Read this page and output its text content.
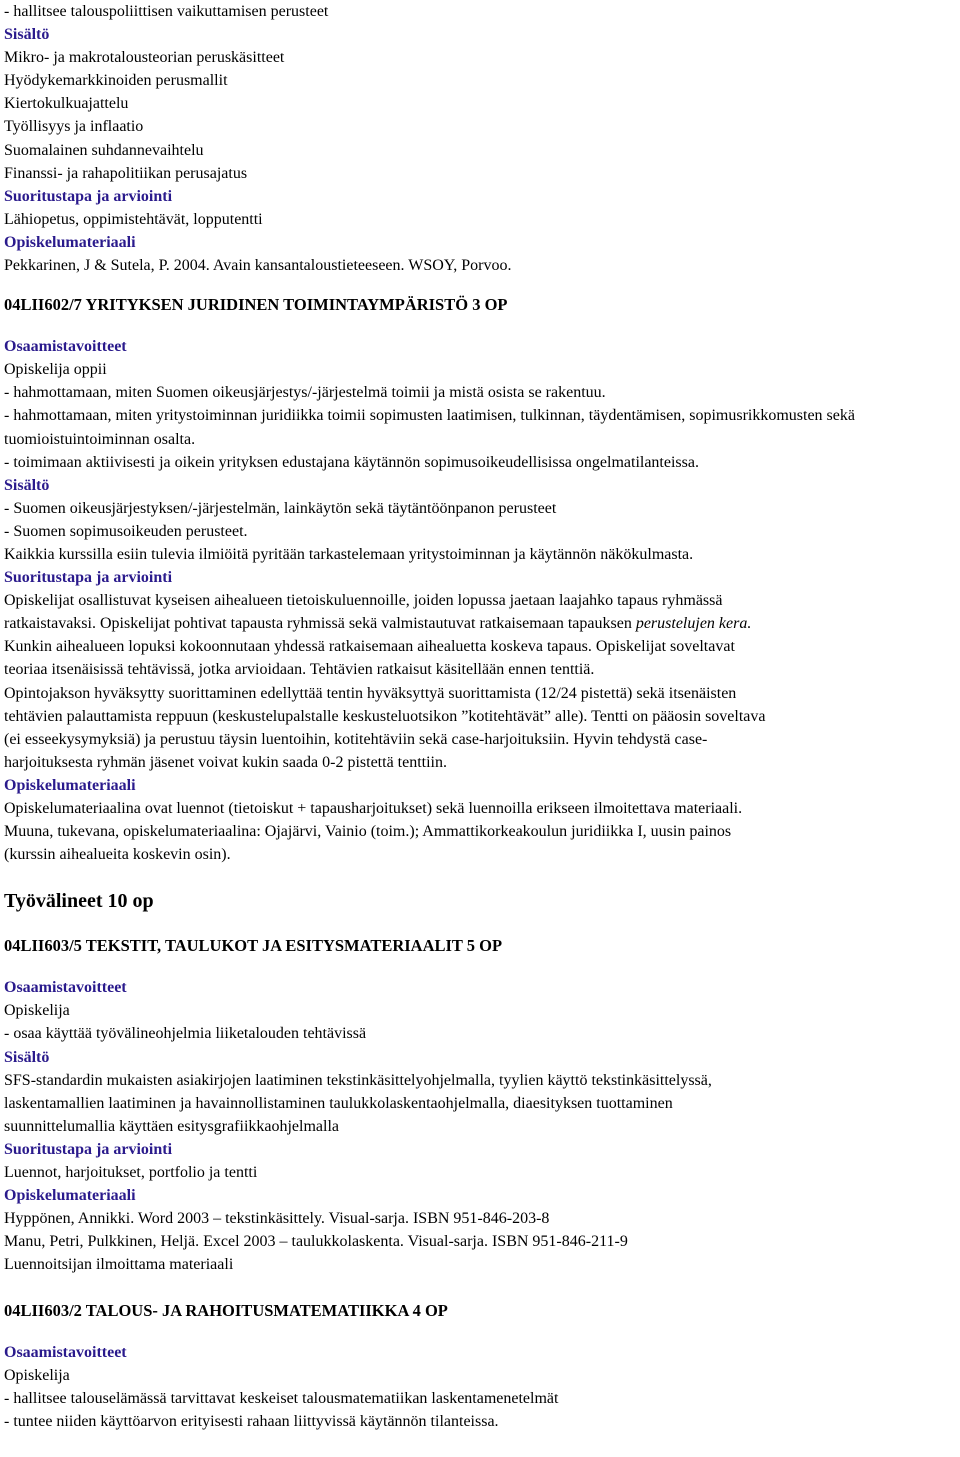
- hallitsee talouspoliittisen vaikuttamisen perusteet
Sisältö
Mikro- ja makrotalousteorian peruskäsitteet
Hyödykemarkkinoiden perusmallit
Kiertokulkuajattelu
Työllisyys ja inflaatio
Suomalainen suhdannevaihtelu
Finanssi- ja rahapolitiikan perusajatus
Suoritustapa ja arviointi
Lähiopetus, oppimistehtävät, lopputentti
Opiskelumateriaali
Pekkarinen, J & Sutela, P. 2004. Avain kansantaloustieteeseen. WSOY, Porvoo.
04LII602/7 YRITYKSEN JURIDINEN TOIMINTAYMPÄRISTÖ 3 OP
Osaamistavoitteet
Opiskelija oppii
- hahmottamaan, miten Suomen oikeusjärjestys/-järjestelmä toimii ja mistä osista se rakentuu.
- hahmottamaan, miten yritystoiminnan juridiikka toimii sopimusten laatimisen, tulkinnan, täydentämisen, sopimusrikkomusten sekä tuomioistuintoiminnan osalta.
- toimimaan aktiivisesti ja oikein yrityksen edustajana käytännön sopimusoikeudellisissa ongelmatilanteissa.
Sisältö
- Suomen oikeusjärjestyksen/-järjestelmän, lainkäytön sekä täytäntöönpanon perusteet
- Suomen sopimusoikeuden perusteet.
Kaikkia kurssilla esiin tulevia ilmiöitä pyritään tarkastelemaan yritystoiminnan ja käytännön näkökulmasta.
Suoritustapa ja arviointi
Opiskelijat osallistuvat kyseisen aihealueen tietoiskuluennoille, joiden lopussa jaetaan laajahko tapaus ryhmässä
ratkaistavaksi. Opiskelijat pohtivat tapausta ryhmissä sekä valmistautuvat ratkaisemaan tapauksen perustelujen kera.
Kunkin aihealueen lopuksi kokoonnutaan yhdessä ratkaisemaan aihealuetta koskeva tapaus. Opiskelijat soveltavat
teoriaa itsenäisissä tehtävissä, jotka arvioidaan. Tehtävien ratkaisut käsitellään ennen tenttiä.
Opintojakson hyväksytty suorittaminen edellyttää tentin hyväksyttyä suorittamista (12/24 pistettä) sekä itsenäisten
tehtävien palauttamista reppuun (keskustelupalstalle keskusteluotsikon ”kotitehtävät” alle). Tentti on pääosin soveltava
(ei esseekysymyksiä) ja perustuu täysin luentoihin, kotitehtäviin sekä case-harjoituksiin. Hyvin tehdystä case-
harjoituksesta ryhmän jäsenet voivat kukin saada 0-2 pistettä tenttiin.
Opiskelumateriaali
Opiskelumateriaalina ovat luennot (tietoiskut + tapausharjoitukset) sekä luennoilla erikseen ilmoitettava materiaali.
Muuna, tukevana, opiskelumateriaalina: Ojajärvi, Vainio (toim.); Ammattikorkeakoulun juridiikka I, uusin painos
(kurssin aihealueita koskevin osin).
Työvälineet 10 op
04LII603/5 TEKSTIT, TAULUKOT JA ESITYSMATERIAALIT 5 OP
Osaamistavoitteet
Opiskelija
- osaa käyttää työvälineohjelmia liiketalouden tehtävissä
Sisältö
SFS-standardin mukaisten asiakirjojen laatiminen tekstinkäsittelyohjelmalla, tyylien käyttö tekstinkäsittelyssä,
laskentamallien laatiminen ja havainnollistaminen taulukkolaskentaohjelmalla, diaesityksen tuottaminen
suunnittelumallia käyttäen esitysgrafiikkaohjelmalla
Suoritustapa ja arviointi
Luennot, harjoitukset, portfolio ja tentti
Opiskelumateriaali
Hyppönen, Annikki. Word 2003 – tekstinkäsittely. Visual-sarja. ISBN 951-846-203-8
Manu, Petri, Pulkkinen, Heljä. Excel 2003 – taulukkolaskenta. Visual-sarja. ISBN 951-846-211-9
Luennoitsijan ilmoittama materiaali
04LII603/2 TALOUS- JA RAHOITUSMATEMATIIKKA 4 OP
Osaamistavoitteet
Opiskelija
- hallitsee talouselämässä tarvittavat keskeiset talousmatematiikan laskentamenetelmät
- tuntee niiden käyttöarvon erityisesti rahaan liittyvissä käytännön tilanteissa.
